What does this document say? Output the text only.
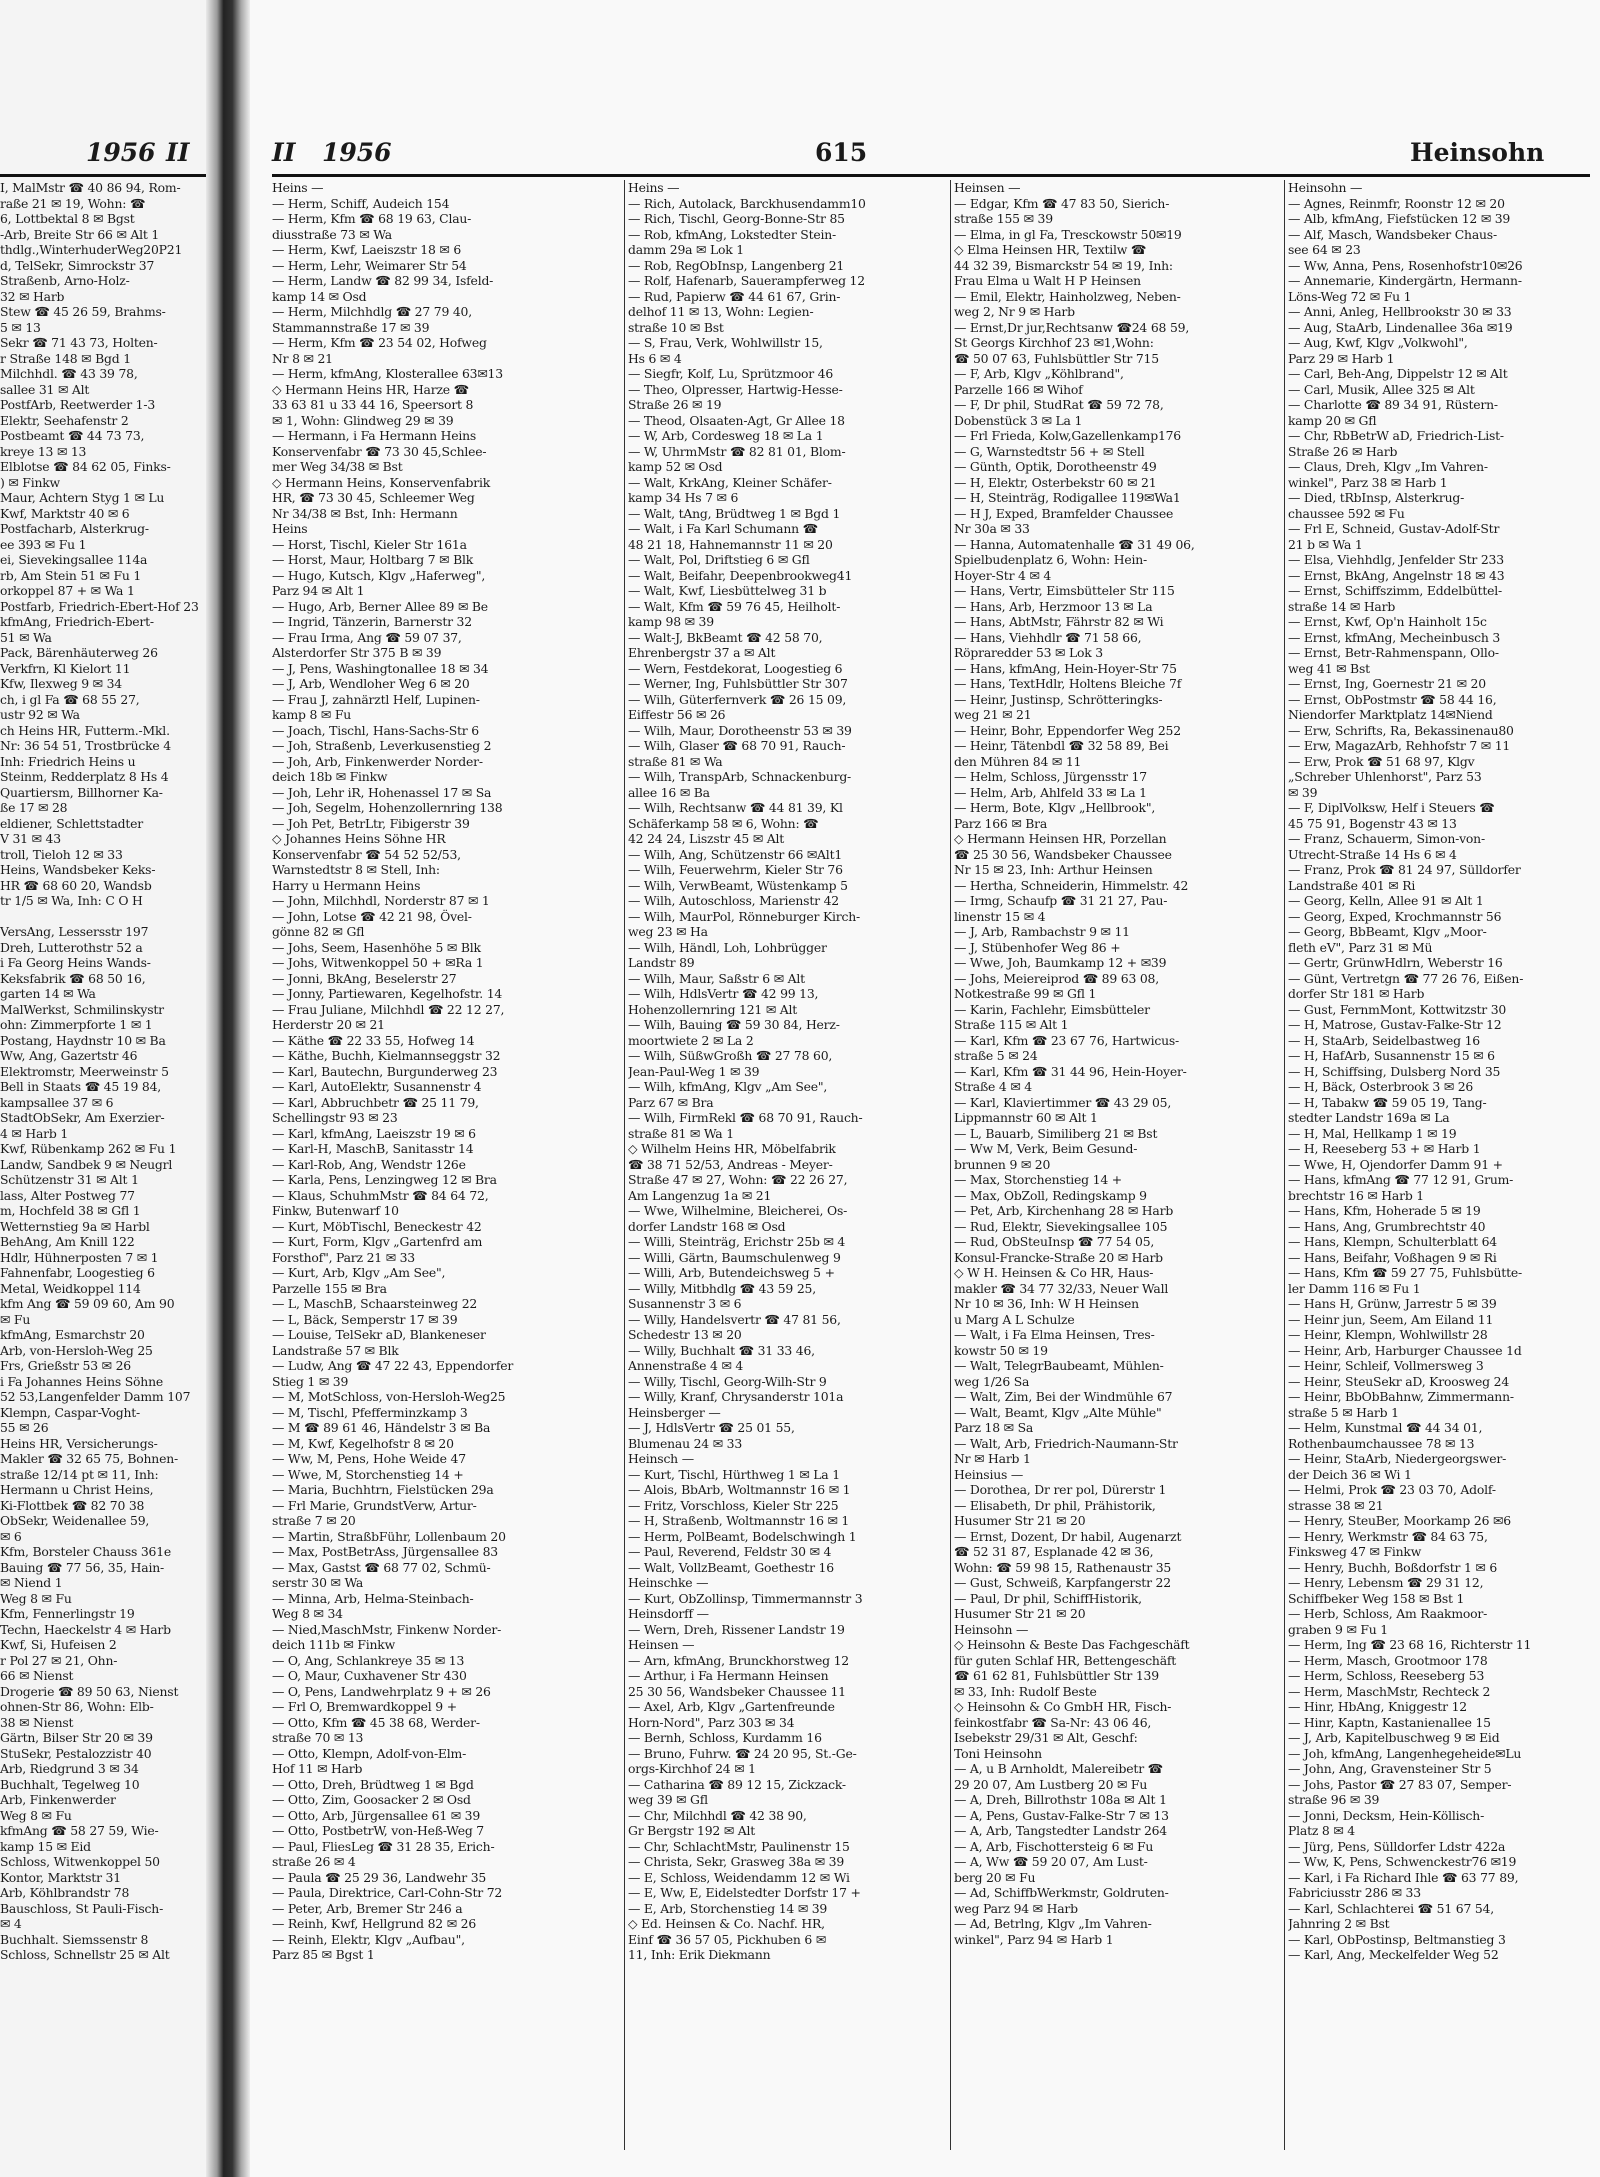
1956 II
I, MalMstr ☎ 40 86 94, Rom-
raße 21 ✉ 19, Wohn: ☎
6, Lottbektal 8 ✉ Bgst
-Arb, Breite Str 66 ✉ Alt 1
thdlg.,WinterhuderWeg20P21
d, TelSekr, Simrockstr 37
Straßenb, Arno-Holz-
32 ✉ Harb
Stew ☎ 45 26 59, Brahms-
5 ✉ 13
Sekr ☎ 71 43 73, Holten-
r Straße 148 ✉ Bgd 1
Milchhdl. ☎ 43 39 78,
sallee 31 ✉ Alt
PostfArb, Reetwerder 1-3
Elektr, Seehafenstr 2
Postbeamt ☎ 44 73 73,
kreye 13 ✉ 13
Elblotse ☎ 84 62 05, Finks-
) ✉ Finkw
Maur, Achtern Styg 1 ✉ Lu
Kwf, Marktstr 40 ✉ 6
Postfacharb, Alsterkrug-
ee 393 ✉ Fu 1
ei, Sievekingsallee 114a
rb, Am Stein 51 ✉ Fu 1
orkoppel 87 + ✉ Wa 1
Postfarb, Friedrich-Ebert-Hof 23
kfmAng, Friedrich-Ebert-
51 ✉ Wa
Pack, Bärenhäuterweg 26
Verkfrn, Kl Kielort 11
Kfw, Ilexweg 9 ✉ 34
ch, i gl Fa ☎ 68 55 27,
ustr 92 ✉ Wa
ch Heins HR, Futterm.-Mkl.
Nr: 36 54 51, Trostbrücke 4
Inh: Friedrich Heins u
Steinm, Redderplatz 8 Hs 4
Quartiersm, Billhorner Ka-
ße 17 ✉ 28
eldiener, Schlettstadter
V 31 ✉ 43
troll, Tieloh 12 ✉ 33
Heins, Wandsbeker Keks-
HR ☎ 68 60 20, Wandsb
tr 1/5 ✉ Wa, Inh: C O H

VersAng, Lessersstr 197
Dreh, Lutterothstr 52 a
i Fa Georg Heins Wands-
Keksfabrik ☎ 68 50 16,
garten 14 ✉ Wa
MalWerkst, Schmilinskystr
ohn: Zimmerpforte 1 ✉ 1
Postang, Haydnstr 10 ✉ Ba
Ww, Ang, Gazertstr 46
Elektromstr, Meerweinstr 5
Bell in Staats ☎ 45 19 84,
kampsallee 37 ✉ 6
StadtObSekr, Am Exerzier-
4 ✉ Harb 1
Kwf, Rübenkamp 262 ✉ Fu 1
Landw, Sandbek 9 ✉ Neugrl
Schützenstr 31 ✉ Alt 1
lass, Alter Postweg 77
m, Hochfeld 38 ✉ Gfl 1
Wetternstieg 9a ✉ Harbl
BehAng, Am Knill 122
Hdlr, Hühnerposten 7 ✉ 1
Fahnenfabr, Loogestieg 6
Metal, Weidkoppel 114
kfm Ang ☎ 59 09 60, Am 90
✉ Fu
kfmAng, Esmarchstr 20
Arb, von-Hersloh-Weg 25
Frs, Grießstr 53 ✉ 26
i Fa Johannes Heins Söhne
52 53,Langenfelder Damm 107
Klempn, Caspar-Voght-
55 ✉ 26
Heins HR, Versicherungs-
Makler ☎ 32 65 75, Bohnen-
straße 12/14 pt ✉ 11, Inh:
Hermann u Christ Heins,
Ki-Flottbek ☎ 82 70 38
ObSekr, Weidenallee 59,
✉ 6
Kfm, Borsteler Chauss 361e
Bauing ☎ 77 56, 35, Hain-
✉ Niend 1
Weg 8 ✉ Fu
Kfm, Fennerlingstr 19
Techn, Haeckelstr 4 ✉ Harb
Kwf, Si, Hufeisen 2
r Pol 27 ✉ 21, Ohn-
66 ✉ Nienst
Drogerie ☎ 89 50 63, Nienst
ohnen-Str 86, Wohn: Elb-
38 ✉ Nienst
Gärtn, Bilser Str 20 ✉ 39
StuSekr, Pestalozzistr 40
Arb, Riedgrund 3 ✉ 34
Buchhalt, Tegelweg 10
Arb, Finkenwerder
Weg 8 ✉ Fu
kfmAng ☎ 58 27 59, Wie-
kamp 15 ✉ Eid
Schloss, Witwenkoppel 50
Kontor, Marktstr 31
Arb, Köhlbrandstr 78
Bauschloss, St Pauli-Fisch-
✉ 4
Buchhalt. Siemssenstr 8
Schloss, Schnellstr 25 ✉ Alt
II 1956	615	Heinsohn
Heins —
— Herm, Schiff, Audeich 154
— Herm, Kfm ☎ 68 19 63, Clau-
diusstraße 73 ✉ Wa
— Herm, Kwf, Laeiszstr 18 ✉ 6
— Herm, Lehr, Weimarer Str 54
— Herm, Landw ☎ 82 99 34, Isfeld-
kamp 14 ✉ Osd
— Herm, Milchhdlg ☎ 27 79 40,
Stammannstraße 17 ✉ 39
— Herm, Kfm ☎ 23 54 02, Hofweg
Nr 8 ✉ 21
— Herm, kfmAng, Klosterallee 63✉13
◇ Hermann Heins HR, Harze ☎
33 63 81 u 33 44 16, Speersort 8
✉ 1, Wohn: Glindweg 29 ✉ 39
— Hermann, i Fa Hermann Heins
Konservenfabr ☎ 73 30 45,Schlee-
mer Weg 34/38 ✉ Bst
◇ Hermann Heins, Konservenfabrik
HR, ☎ 73 30 45, Schleemer Weg
Nr 34/38 ✉ Bst, Inh: Hermann
Heins
— Horst, Tischl, Kieler Str 161a
— Horst, Maur, Holtbarg 7 ✉ Blk
— Hugo, Kutsch, Klgv „Haferweg",
Parz 94 ✉ Alt 1
— Hugo, Arb, Berner Allee 89 ✉ Be
— Ingrid, Tänzerin, Barnerstr 32
— Frau Irma, Ang ☎ 59 07 37,
Alsterdorfer Str 375 B ✉ 39
— J, Pens, Washingtonallee 18 ✉ 34
— J, Arb, Wendloher Weg 6 ✉ 20
— Frau J, zahnärztl Helf, Lupinen-
kamp 8 ✉ Fu
— Joach, Tischl, Hans-Sachs-Str 6
— Joh, Straßenb, Leverkusenstieg 2
— Joh, Arb, Finkenwerder Norder-
deich 18b ✉ Finkw
— Joh, Lehr iR, Hohenassel 17 ✉ Sa
— Joh, Segelm, Hohenzollernring 138
— Joh Pet, BetrLtr, Fibigerstr 39
◇ Johannes Heins Söhne HR
Konservenfabr ☎ 54 52 52/53,
Warnstedtstr 8 ✉ Stell, Inh:
Harry u Hermann Heins
— John, Milchhdl, Norderstr 87 ✉ 1
— John, Lotse ☎ 42 21 98, Övel-
gönne 82 ✉ Gfl
— Johs, Seem, Hasenhöhe 5 ✉ Blk
— Johs, Witwenkoppel 50 + ✉Ra 1
— Jonni, BkAng, Beselerstr 27
— Jonny, Partiewaren, Kegelhofstr. 14
— Frau Juliane, Milchhdl ☎ 22 12 27,
Herderstr 20 ✉ 21
— Käthe ☎ 22 33 55, Hofweg 14
— Käthe, Buchh, Kielmannseggstr 32
— Karl, Bautechn, Burgunderweg 23
— Karl, AutoElektr, Susannenstr 4
— Karl, Abbruchbetr ☎ 25 11 79,
Schellingstr 93 ✉ 23
— Karl, kfmAng, Laeiszstr 19 ✉ 6
— Karl-H, MaschB, Sanitasstr 14
— Karl-Rob, Ang, Wendstr 126e
— Karla, Pens, Lenzingweg 12 ✉ Bra
— Klaus, SchuhmMstr ☎ 84 64 72,
Finkw, Butenwarf 10
— Kurt, MöbTischl, Beneckestr 42
— Kurt, Form, Klgv „Gartenfrd am
Forsthof", Parz 21 ✉ 33
— Kurt, Arb, Klgv „Am See",
Parzelle 155 ✉ Bra
— L, MaschB, Schaarsteinweg 22
— L, Bäck, Semperstr 17 ✉ 39
— Louise, TelSekr aD, Blankeneser
Landstraße 57 ✉ Blk
— Ludw, Ang ☎ 47 22 43, Eppendorfer
Stieg 1 ✉ 39
— M, MotSchloss, von-Hersloh-Weg25
— M, Tischl, Pfefferminzkamp 3
— M ☎ 89 61 46, Händelstr 3 ✉ Ba
— M, Kwf, Kegelhofstr 8 ✉ 20
— Ww, M, Pens, Hohe Weide 47
— Wwe, M, Storchenstieg 14 +
— Maria, Buchhtrn, Fielstücken 29a
— Frl Marie, GrundstVerw, Artur-
straße 7 ✉ 20
— Martin, StraßbFühr, Lollenbaum 20
— Max, PostBetrAss, Jürgensallee 83
— Max, Gastst ☎ 68 77 02, Schmü-
serstr 30 ✉ Wa
— Minna, Arb, Helma-Steinbach-
Weg 8 ✉ 34
— Nied,MaschMstr, Finkenw Norder-
deich 111b ✉ Finkw
— O, Ang, Schlankreye 35 ✉ 13
— O, Maur, Cuxhavener Str 430
— O, Pens, Landwehrplatz 9 + ✉ 26
— Frl O, Bremwardkoppel 9 +
— Otto, Kfm ☎ 45 38 68, Werder-
straße 70 ✉ 13
— Otto, Klempn, Adolf-von-Elm-
Hof 11 ✉ Harb
— Otto, Dreh, Brüdtweg 1 ✉ Bgd
— Otto, Zim, Goosacker 2 ✉ Osd
— Otto, Arb, Jürgensallee 61 ✉ 39
— Otto, PostbetrW, von-Heß-Weg 7
— Paul, FliesLeg ☎ 31 28 35, Erich-
straße 26 ✉ 4
— Paula ☎ 25 29 36, Landwehr 35
— Paula, Direktrice, Carl-Cohn-Str 72
— Peter, Arb, Bremer Str 246 a
— Reinh, Kwf, Hellgrund 82 ✉ 26
— Reinh, Elektr, Klgv „Aufbau",
Parz 85 ✉ Bgst 1
Heins —
— Rich, Autolack, Barckhusendamm10
— Rich, Tischl, Georg-Bonne-Str 85
— Rob, kfmAng, Lokstedter Stein-
damm 29a ✉ Lok 1
— Rob, RegObInsp, Langenberg 21
— Rolf, Hafenarb, Sauerampferweg 12
— Rud, Papierw ☎ 44 61 67, Grin-
delhof 11 ✉ 13, Wohn: Legien-
straße 10 ✉ Bst
— S, Frau, Verk, Wohlwillstr 15,
Hs 6 ✉ 4
— Siegfr, Kolf, Lu, Sprützmoor 46
— Theo, Olpresser, Hartwig-Hesse-
Straße 26 ✉ 19
— Theod, Olsaaten-Agt, Gr Allee 18
— W, Arb, Cordesweg 18 ✉ La 1
— W, UhrmMstr ☎ 82 81 01, Blom-
kamp 52 ✉ Osd
— Walt, KrkAng, Kleiner Schäfer-
kamp 34 Hs 7 ✉ 6
— Walt, tAng, Brüdtweg 1 ✉ Bgd 1
— Walt, i Fa Karl Schumann ☎
48 21 18, Hahnemannstr 11 ✉ 20
— Walt, Pol, Driftstieg 6 ✉ Gfl
— Walt, Beifahr, Deepenbrookweg41
— Walt, Kwf, Liesbüttelweg 31 b
— Walt, Kfm ☎ 59 76 45, Heilholt-
kamp 98 ✉ 39
— Walt-J, BkBeamt ☎ 42 58 70,
Ehrenbergstr 37 a ✉ Alt
— Wern, Festdekorat, Loogestieg 6
— Werner, Ing, Fuhlsbüttler Str 307
— Wilh, Güterfernverk ☎ 26 15 09,
Eiffestr 56 ✉ 26
— Wilh, Maur, Dorotheenstr 53 ✉ 39
— Wilh, Glaser ☎ 68 70 91, Rauch-
straße 81 ✉ Wa
— Wilh, TranspArb, Schnackenburg-
allee 16 ✉ Ba
— Wilh, Rechtsanw ☎ 44 81 39, Kl
Schäferkamp 58 ✉ 6, Wohn: ☎
42 24 24, Liszstr 45 ✉ Alt
— Wilh, Ang, Schützenstr 66 ✉Alt1
— Wilh, Feuerwehrm, Kieler Str 76
— Wilh, VerwBeamt, Wüstenkamp 5
— Wilh, Autoschloss, Marienstr 42
— Wilh, MaurPol, Rönneburger Kirch-
weg 23 ✉ Ha
— Wilh, Händl, Loh, Lohbrügger
Landstr 89
— Wilh, Maur, Saßstr 6 ✉ Alt
— Wilh, HdlsVertr ☎ 42 99 13,
Hohenzollernring 121 ✉ Alt
— Wilh, Bauing ☎ 59 30 84, Herz-
moortwiete 2 ✉ La 2
— Wilh, SüßwGroßh ☎ 27 78 60,
Jean-Paul-Weg 1 ✉ 39
— Wilh, kfmAng, Klgv „Am See",
Parz 67 ✉ Bra
— Wilh, FirmRekl ☎ 68 70 91, Rauch-
straße 81 ✉ Wa 1
◇ Wilhelm Heins HR, Möbelfabrik
☎ 38 71 52/53, Andreas - Meyer-
Straße 47 ✉ 27, Wohn: ☎ 22 26 27,
Am Langenzug 1a ✉ 21
— Wwe, Wilhelmine, Bleicherei, Os-
dorfer Landstr 168 ✉ Osd
— Willi, Steinträg, Erichstr 25b ✉ 4
— Willi, Gärtn, Baumschulenweg 9
— Willi, Arb, Butendeichsweg 5 +
— Willy, Mitbhdlg ☎ 43 59 25,
Susannenstr 3 ✉ 6
— Willy, Handelsvertr ☎ 47 81 56,
Schedestr 13 ✉ 20
— Willy, Buchhalt ☎ 31 33 46,
Annenstraße 4 ✉ 4
— Willy, Tischl, Georg-Wilh-Str 9
— Willy, Kranf, Chrysanderstr 101a
Heinsberger —
— J, HdlsVertr ☎ 25 01 55,
Blumenau 24 ✉ 33
Heinsch —
— Kurt, Tischl, Hürthweg 1 ✉ La 1
— Alois, BbArb, Woltmannstr 16 ✉ 1
— Fritz, Vorschloss, Kieler Str 225
— H, Straßenb, Woltmannstr 16 ✉ 1
— Herm, PolBeamt, Bodelschwingh 1
— Paul, Reverend, Feldstr 30 ✉ 4
— Walt, VollzBeamt, Goethestr 16
Heinschke —
— Kurt, ObZollinsp, Timmermannstr 3
Heinsdorff —
— Wern, Dreh, Rissener Landstr 19
Heinsen —
— Arn, kfmAng, Brunckhorstweg 12
— Arthur, i Fa Hermann Heinsen
25 30 56, Wandsbeker Chaussee 11
— Axel, Arb, Klgv „Gartenfreunde
Horn-Nord", Parz 303 ✉ 34
— Bernh, Schloss, Kurdamm 16
— Bruno, Fuhrw. ☎ 24 20 95, St.-Ge-
orgs-Kirchhof 24 ✉ 1
— Catharina ☎ 89 12 15, Zickzack-
weg 39 ✉ Gfl
— Chr, Milchhdl ☎ 42 38 90,
Gr Bergstr 192 ✉ Alt
— Chr, SchlachtMstr, Paulinenstr 15
— Christa, Sekr, Grasweg 38a ✉ 39
— E, Schloss, Weidendamm 12 ✉ Wi
— E, Ww, E, Eidelstedter Dorfstr 17 +
— E, Arb, Storchenstieg 14 ✉ 39
◇ Ed. Heinsen & Co. Nachf. HR,
Einf ☎ 36 57 05, Pickhuben 6 ✉
11, Inh: Erik Diekmann
Heinsen —
— Edgar, Kfm ☎ 47 83 50, Sierich-
straße 155 ✉ 39
— Elma, in gl Fa, Tresckowstr 50✉19
◇ Elma Heinsen HR, Textilw ☎
44 32 39, Bismarckstr 54 ✉ 19, Inh:
Frau Elma u Walt H P Heinsen
— Emil, Elektr, Hainholzweg, Neben-
weg 2, Nr 9 ✉ Harb
— Ernst,Dr jur,Rechtsanw ☎24 68 59,
St Georgs Kirchhof 23 ✉1,Wohn:
☎ 50 07 63, Fuhlsbüttler Str 715
— F, Arb, Klgv „Köhlbrand",
Parzelle 166 ✉ Wihof
— F, Dr phil, StudRat ☎ 59 72 78,
Dobenstück 3 ✉ La 1
— Frl Frieda, Kolw,Gazellenkamp176
— G, Warnstedtstr 56 + ✉ Stell
— Günth, Optik, Dorotheenstr 49
— H, Elektr, Osterbekstr 60 ✉ 21
— H, Steinträg, Rodigallee 119✉Wa1
— H J, Exped, Bramfelder Chaussee
Nr 30a ✉ 33
— Hanna, Automatenhalle ☎ 31 49 06,
Spielbudenplatz 6, Wohn: Hein-
Hoyer-Str 4 ✉ 4
— Hans, Vertr, Eimsbütteler Str 115
— Hans, Arb, Herzmoor 13 ✉ La
— Hans, AbtMstr, Fährstr 82 ✉ Wi
— Hans, Viehhdlr ☎ 71 58 66,
Röpraredder 53 ✉ Lok 3
— Hans, kfmAng, Hein-Hoyer-Str 75
— Hans, TextHdlr, Holtens Bleiche 7f
— Heinr, Justinsp, Schrötteringks-
weg 21 ✉ 21
— Heinr, Bohr, Eppendorfer Weg 252
— Heinr, Tätenbdl ☎ 32 58 89, Bei
den Mühren 84 ✉ 11
— Helm, Schloss, Jürgensstr 17
— Helm, Arb, Ahlfeld 33 ✉ La 1
— Herm, Bote, Klgv „Hellbrook",
Parz 166 ✉ Bra
◇ Hermann Heinsen HR, Porzellan
☎ 25 30 56, Wandsbeker Chaussee
Nr 15 ✉ 23, Inh: Arthur Heinsen
— Hertha, Schneiderin, Himmelstr. 42
— Irmg, Schaufp ☎ 31 21 27, Pau-
linenstr 15 ✉ 4
— J, Arb, Rambachstr 9 ✉ 11
— J, Stübenhofer Weg 86 +
— Wwe, Joh, Baumkamp 12 + ✉39
— Johs, Meiereiprod ☎ 89 63 08,
Notkestraße 99 ✉ Gfl 1
— Karin, Fachlehr, Eimsbütteler
Straße 115 ✉ Alt 1
— Karl, Kfm ☎ 23 67 76, Hartwicus-
straße 5 ✉ 24
— Karl, Kfm ☎ 31 44 96, Hein-Hoyer-
Straße 4 ✉ 4
— Karl, Klaviertimmer ☎ 43 29 05,
Lippmannstr 60 ✉ Alt 1
— L, Bauarb, Similiberg 21 ✉ Bst
— Ww M, Verk, Beim Gesund-
brunnen 9 ✉ 20
— Max, Storchenstieg 14 +
— Max, ObZoll, Redingskamp 9
— Pet, Arb, Kirchenhang 28 ✉ Harb
— Rud, Elektr, Sievekingsallee 105
— Rud, ObSteuInsp ☎ 77 54 05,
Konsul-Francke-Straße 20 ✉ Harb
◇ W H. Heinsen & Co HR, Haus-
makler ☎ 34 77 32/33, Neuer Wall
Nr 10 ✉ 36, Inh: W H Heinsen
u Marg A L Schulze
— Walt, i Fa Elma Heinsen, Tres-
kowstr 50 ✉ 19
— Walt, TelegrBaubeamt, Mühlen-
weg 1/26 Sa
— Walt, Zim, Bei der Windmühle 67
— Walt, Beamt, Klgv „Alte Mühle"
Parz 18 ✉ Sa
— Walt, Arb, Friedrich-Naumann-Str
Nr ✉ Harb 1
Heinsius —
— Dorothea, Dr rer pol, Dürerstr 1
— Elisabeth, Dr phil, Prähistorik,
Husumer Str 21 ✉ 20
— Ernst, Dozent, Dr habil, Augenarzt
☎ 52 31 87, Esplanade 42 ✉ 36,
Wohn: ☎ 59 98 15, Rathenaustr 35
— Gust, Schweiß, Karpfangerstr 22
— Paul, Dr phil, SchiffHistorik,
Husumer Str 21 ✉ 20
Heinsohn —
◇ Heinsohn & Beste Das Fachgeschäft
für guten Schlaf HR, Bettengeschäft
☎ 61 62 81, Fuhlsbüttler Str 139
✉ 33, Inh: Rudolf Beste
◇ Heinsohn & Co GmbH HR, Fisch-
feinkostfabr ☎ Sa-Nr: 43 06 46,
Isebekstr 29/31 ✉ Alt, Geschf:
Toni Heinsohn
— A, u B Arnholdt, Malereibetr ☎
29 20 07, Am Lustberg 20 ✉ Fu
— A, Dreh, Billrothstr 108a ✉ Alt 1
— A, Pens, Gustav-Falke-Str 7 ✉ 13
— A, Arb, Tangstedter Landstr 264
— A, Arb, Fischottersteig 6 ✉ Fu
— A, Ww ☎ 59 20 07, Am Lust-
berg 20 ✉ Fu
— Ad, SchiffbWerkmstr, Goldruten-
weg Parz 94 ✉ Harb
— Ad, Betrlng, Klgv „Im Vahren-
winkel", Parz 94 ✉ Harb 1
Heinsohn —
— Agnes, Reinmfr, Roonstr 12 ✉ 20
— Alb, kfmAng, Fiefstücken 12 ✉ 39
— Alf, Masch, Wandsbeker Chaus-
see 64 ✉ 23
— Ww, Anna, Pens, Rosenhofstr10✉26
— Annemarie, Kindergärtn, Hermann-
Löns-Weg 72 ✉ Fu 1
— Anni, Anleg, Hellbrookstr 30 ✉ 33
— Aug, StaArb, Lindenallee 36a ✉19
— Aug, Kwf, Klgv „Volkwohl",
Parz 29 ✉ Harb 1
— Carl, Beh-Ang, Dippelstr 12 ✉ Alt
— Carl, Musik, Allee 325 ✉ Alt
— Charlotte ☎ 89 34 91, Rüstern-
kamp 20 ✉ Gfl
— Chr, RbBetrW aD, Friedrich-List-
Straße 26 ✉ Harb
— Claus, Dreh, Klgv „Im Vahren-
winkel", Parz 38 ✉ Harb 1
— Died, tRbInsp, Alsterkrug-
chaussee 592 ✉ Fu
— Frl E, Schneid, Gustav-Adolf-Str
21 b ✉ Wa 1
— Elsa, Viehhdlg, Jenfelder Str 233
— Ernst, BkAng, Angelnstr 18 ✉ 43
— Ernst, Schiffszimm, Eddelbüttel-
straße 14 ✉ Harb
— Ernst, Kwf, Op'n Hainholt 15c
— Ernst, kfmAng, Mecheinbusch 3
— Ernst, Betr-Rahmenspann, Ollo-
weg 41 ✉ Bst
— Ernst, Ing, Goernestr 21 ✉ 20
— Ernst, ObPostmstr ☎ 58 44 16,
Niendorfer Marktplatz 14✉Niend
— Erw, Schrifts, Ra, Bekassinenau80
— Erw, MagazArb, Rehhofstr 7 ✉ 11
— Erw, Prok ☎ 51 68 97, Klgv
„Schreber Uhlenhorst", Parz 53
✉ 39
— F, DiplVolksw, Helf i Steuers ☎
45 75 91, Bogenstr 43 ✉ 13
— Franz, Schauerm, Simon-von-
Utrecht-Straße 14 Hs 6 ✉ 4
— Franz, Prok ☎ 81 24 97, Sülldorfer
Landstraße 401 ✉ Ri
— Georg, Kelln, Allee 91 ✉ Alt 1
— Georg, Exped, Krochmannstr 56
— Georg, BbBeamt, Klgv „Moor-
fleth eV", Parz 31 ✉ Mü
— Gertr, GrünwHdlrn, Weberstr 16
— Günt, Vertretgn ☎ 77 26 76, Eißen-
dorfer Str 181 ✉ Harb
— Gust, FernmMont, Kottwitzstr 30
— H, Matrose, Gustav-Falke-Str 12
— H, StaArb, Seidelbastweg 16
— H, HafArb, Susannenstr 15 ✉ 6
— H, Schiffsing, Dulsberg Nord 35
— H, Bäck, Osterbrook 3 ✉ 26
— H, Tabakw ☎ 59 05 19, Tang-
stedter Landstr 169a ✉ La
— H, Mal, Hellkamp 1 ✉ 19
— H, Reeseberg 53 + ✉ Harb 1
— Wwe, H, Ojendorfer Damm 91 +
— Hans, kfmAng ☎ 77 12 91, Grum-
brechtstr 16 ✉ Harb 1
— Hans, Kfm, Hoherade 5 ✉ 19
— Hans, Ang, Grumbrechtstr 40
— Hans, Klempn, Schulterblatt 64
— Hans, Beifahr, Voßhagen 9 ✉ Ri
— Hans, Kfm ☎ 59 27 75, Fuhlsbütte-
ler Damm 116 ✉ Fu 1
— Hans H, Grünw, Jarrestr 5 ✉ 39
— Heinr jun, Seem, Am Eiland 11
— Heinr, Klempn, Wohlwillstr 28
— Heinr, Arb, Harburger Chaussee 1d
— Heinr, Schleif, Vollmersweg 3
— Heinr, SteuSekr aD, Kroosweg 24
— Heinr, BbObBahnw, Zimmermann-
straße 5 ✉ Harb 1
— Helm, Kunstmal ☎ 44 34 01,
Rothenbaumchaussee 78 ✉ 13
— Heinr, StaArb, Niedergeorgswer-
der Deich 36 ✉ Wi 1
— Helmi, Prok ☎ 23 03 70, Adolf-
strasse 38 ✉ 21
— Henry, SteuBer, Moorkamp 26 ✉6
— Henry, Werkmstr ☎ 84 63 75,
Finksweg 47 ✉ Finkw
— Henry, Buchh, Boßdorfstr 1 ✉ 6
— Henry, Lebensm ☎ 29 31 12,
Schiffbeker Weg 158 ✉ Bst 1
— Herb, Schloss, Am Raakmoor-
graben 9 ✉ Fu 1
— Herm, Ing ☎ 23 68 16, Richterstr 11
— Herm, Masch, Grootmoor 178
— Herm, Schloss, Reeseberg 53
— Herm, MaschMstr, Rechteck 2
— Hinr, HbAng, Kniggestr 12
— Hinr, Kaptn, Kastanienallee 15
— J, Arb, Kapitelbuschweg 9 ✉ Eid
— Joh, kfmAng, Langenhegeheide✉Lu
— John, Ang, Gravensteiner Str 5
— Johs, Pastor ☎ 27 83 07, Semper-
straße 96 ✉ 39
— Jonni, Decksm, Hein-Köllisch-
Platz 8 ✉ 4
— Jürg, Pens, Sülldorfer Ldstr 422a
— Ww, K, Pens, Schwenckestr76 ✉19
— Karl, i Fa Richard Ihle ☎ 63 77 89,
Fabriciusstr 286 ✉ 33
— Karl, Schlachterei ☎ 51 67 54,
Jahnring 2 ✉ Bst
— Karl, ObPostinsp, Beltmanstieg 3
— Karl, Ang, Meckelfelder Weg 52
